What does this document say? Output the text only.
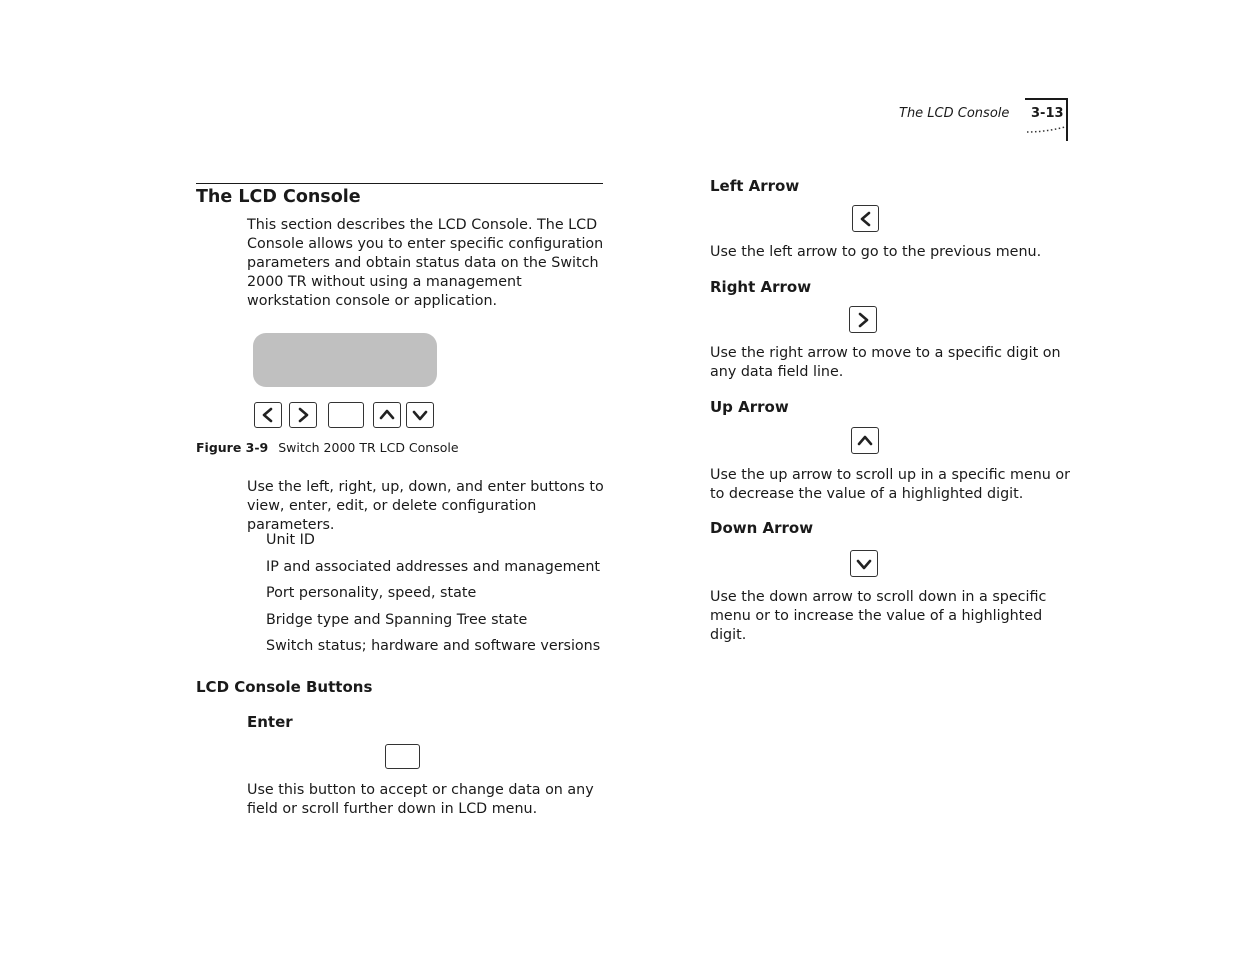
The LCD Console 3-13
The LCD Console
This section describes the LCD Console. The LCD Console allows you to enter specific configuration parameters and obtain status data on the Switch 2000 TR without using a management workstation console or application.
Figure 3-9 Switch 2000 TR LCD Console
Use the left, right, up, down, and enter buttons to view, enter, edit, or delete configuration parameters.
Unit ID
IP and associated addresses and management
Port personality, speed, state
Bridge type and Spanning Tree state
Switch status; hardware and software versions
LCD Console Buttons
Enter
Use this button to accept or change data on any field or scroll further down in LCD menu.
Left Arrow
Use the left arrow to go to the previous menu.
Right Arrow
Use the right arrow to move to a specific digit on any data field line.
Up Arrow
Use the up arrow to scroll up in a specific menu or to decrease the value of a highlighted digit.
Down Arrow
Use the down arrow to scroll down in a specific menu or to increase the value of a highlighted digit.
